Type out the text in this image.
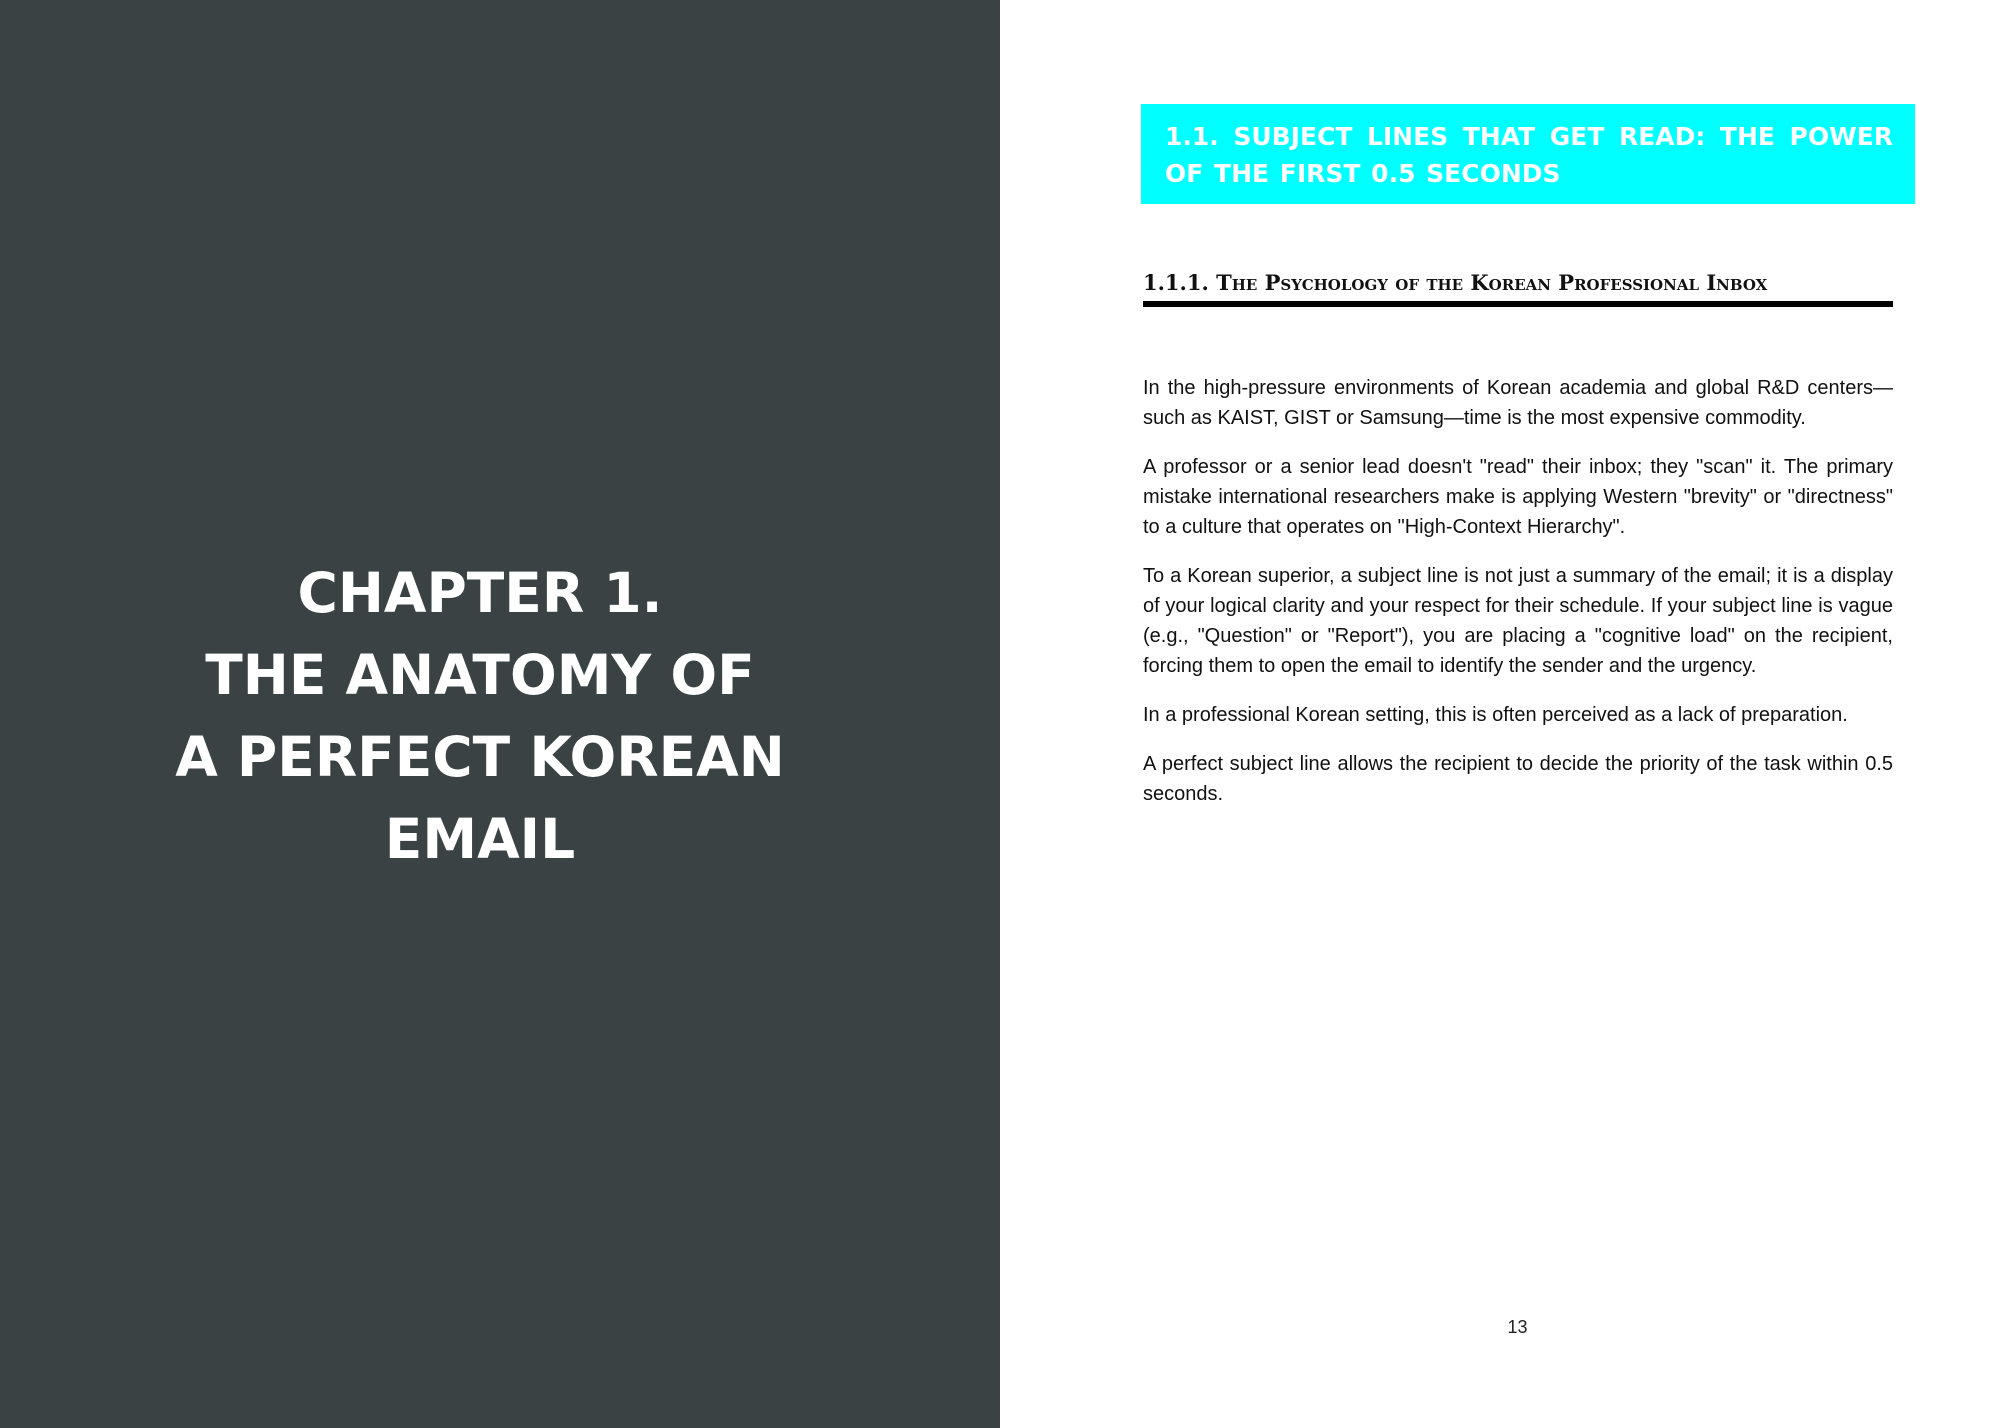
CHAPTER 1.
THE ANATOMY OF
A PERFECT KOREAN
EMAIL
1.1. SUBJECT LINES THAT GET READ: THE POWER OF THE FIRST 0.5 SECONDS
1.1.1. The Psychology of the Korean Professional Inbox

In the high-pressure environments of Korean academia and global R&D centers—such as KAIST, GIST or Samsung—time is the most expensive commodity.

A professor or a senior lead doesn't "read" their inbox; they "scan" it. The primary mistake international researchers make is applying Western "brevity" or "directness" to a culture that operates on "High-Context Hierarchy".

To a Korean superior, a subject line is not just a summary of the email; it is a display of your logical clarity and your respect for their schedule. If your subject line is vague (e.g., "Question" or "Report"), you are placing a "cognitive load" on the recipient, forcing them to open the email to identify the sender and the urgency.

In a professional Korean setting, this is often perceived as a lack of preparation.

A perfect subject line allows the recipient to decide the priority of the task within 0.5 seconds.

13
